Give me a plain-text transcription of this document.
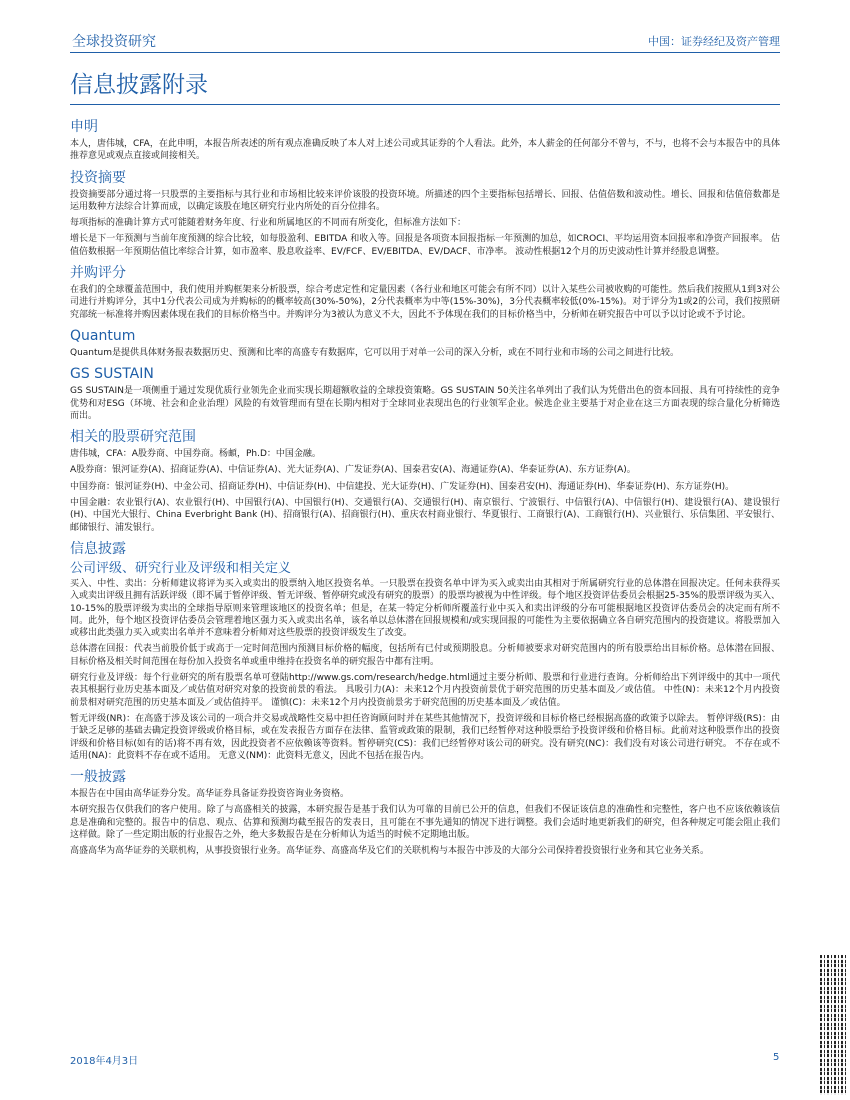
全球投资研究	中国：证券经纪及资产管理
信息披露附录
申明

本人，唐伟城，CFA，在此申明，本报告所表述的所有观点准确反映了本人对上述公司或其证券的个人看法。此外，本人薪金的任何部分不曾与，不与，也将不会与本报告中的具体推荐意见或观点直接或间接相关。

投资摘要

投资摘要部分通过将一只股票的主要指标与其行业和市场相比较来评价该股的投资环境。所描述的四个主要指标包括增长、回报、估值倍数和波动性。增长、回报和估值倍数都是运用数种方法综合计算而成，以确定该股在地区研究行业内所处的百分位排名。

每项指标的准确计算方式可能随着财务年度、行业和所属地区的不同而有所变化，但标准方法如下：

增长是下一年预测与当前年度预测的综合比较，如每股盈利、EBITDA 和收入等。回报是各项资本回报指标一年预测的加总，如CROCI、平均运用资本回报率和净资产回报率。 估值倍数根据一年预期估值比率综合计算，如市盈率、股息收益率、EV/FCF、EV/EBITDA、EV/DACF、市净率。 波动性根据12个月的历史波动性计算并经股息调整。

并购评分

在我们的全球覆盖范围中，我们使用并购框架来分析股票，综合考虑定性和定量因素（各行业和地区可能会有所不同）以计入某些公司被收购的可能性。然后我们按照从1到3对公司进行并购评分，其中1分代表公司成为并购标的的概率较高(30%-50%)，2分代表概率为中等(15%-30%)，3分代表概率较低(0%-15%)。对于评分为1或2的公司，我们按照研究部统一标准将并购因素体现在我们的目标价格当中。并购评分为3被认为意义不大，因此不予体现在我们的目标价格当中，分析师在研究报告中可以予以讨论或不予讨论。

Quantum

Quantum是提供具体财务报表数据历史、预测和比率的高盛专有数据库，它可以用于对单一公司的深入分析，或在不同行业和市场的公司之间进行比较。

GS SUSTAIN

GS SUSTAIN是一项侧重于通过发现优质行业领先企业而实现长期超额收益的全球投资策略。GS SUSTAIN 50关注名单列出了我们认为凭借出色的资本回报、具有可持续性的竞争优势和对ESG（环境、社会和企业治理）风险的有效管理而有望在长期内相对于全球同业表现出色的行业领军企业。候选企业主要基于对企业在这三方面表现的综合量化分析筛选而出。

相关的股票研究范围

唐伟城，CFA：A股券商、中国券商。杨頔，Ph.D：中国金融。

A股券商：银河证券(A)、招商证券(A)、中信证券(A)、光大证券(A)、广发证券(A)、国泰君安(A)、海通证券(A)、华泰证券(A)、东方证券(A)。

中国券商：银河证券(H)、中金公司、招商证券(H)、中信证券(H)、中信建投、光大证券(H)、广发证券(H)、国泰君安(H)、海通证券(H)、华泰证券(H)、东方证券(H)。

中国金融：农业银行(A)、农业银行(H)、中国银行(A)、中国银行(H)、交通银行(A)、交通银行(H)、南京银行、宁波银行、中信银行(A)、中信银行(H)、建设银行(A)、建设银行(H)、中国光大银行、China Everbright Bank (H)、招商银行(A)、招商银行(H)、重庆农村商业银行、华夏银行、工商银行(A)、工商银行(H)、兴业银行、乐信集团、平安银行、邮储银行、浦发银行。

信息披露
公司评级、研究行业及评级和相关定义

买入、中性、卖出：分析师建议将评为买入或卖出的股票纳入地区投资名单。一只股票在投资名单中评为买入或卖出由其相对于所属研究行业的总体潜在回报决定。任何未获得买入或卖出评级且拥有活跃评级（即不属于暂停评级、暂无评级、暂停研究或没有研究的股票）的股票均被视为中性评级。每个地区投资评估委员会根据25-35%的股票评级为买入、10-15%的股票评级为卖出的全球指导原则来管理该地区的投资名单；但是，在某一特定分析师所覆盖行业中买入和卖出评级的分布可能根据地区投资评估委员会的决定而有所不同。此外，每个地区投资评估委员会管理着地区强力买入或卖出名单，该名单以总体潜在回报规模和/或实现回报的可能性为主要依据确立各自研究范围内的投资建议。将股票加入或移出此类强力买入或卖出名单并不意味着分析师对这些股票的投资评级发生了改变。

总体潜在回报：代表当前股价低于或高于一定时间范围内预测目标价格的幅度，包括所有已付或预期股息。分析师被要求对研究范围内的所有股票给出目标价格。总体潜在回报、目标价格及相关时间范围在每份加入投资名单或重申维持在投资名单的研究报告中都有注明。

研究行业及评级：每个行业研究的所有股票名单可登陆http://www.gs.com/research/hedge.html通过主要分析师、股票和行业进行查询。分析师给出下列评级中的其中一项代表其根据行业历史基本面及／或估值对研究对象的投资前景的看法。 具吸引力(A)：未来12个月内投资前景优于研究范围的历史基本面及／或估值。 中性(N)：未来12个月内投资前景相对研究范围的历史基本面及／或估值持平。 谨慎(C)：未来12个月内投资前景劣于研究范围的历史基本面及／或估值。

暂无评级(NR)：在高盛于涉及该公司的一项合并交易或战略性交易中担任咨询顾问时并在某些其他情况下，投资评级和目标价格已经根据高盛的政策予以除去。 暂停评级(RS)：由于缺乏足够的基础去确定投资评级或价格目标，或在发表报告方面存在法律、监管或政策的限制，我们已经暂停对这种股票给予投资评级和价格目标。此前对这种股票作出的投资评级和价格目标(如有的话)将不再有效，因此投资者不应依赖该等资料。暂停研究(CS)：我们已经暂停对该公司的研究。没有研究(NC)：我们没有对该公司进行研究。 不存在或不适用(NA)：此资料不存在或不适用。 无意义(NM)：此资料无意义，因此不包括在报告内。

一般披露

本报告在中国由高华证券分发。高华证券具备证券投资咨询业务资格。

本研究报告仅供我们的客户使用。除了与高盛相关的披露，本研究报告是基于我们认为可靠的目前已公开的信息，但我们不保证该信息的准确性和完整性，客户也不应该依赖该信息是准确和完整的。报告中的信息、观点、估算和预测均截至报告的发表日，且可能在不事先通知的情况下进行调整。我们会适时地更新我们的研究，但各种规定可能会阻止我们这样做。除了一些定期出版的行业报告之外，绝大多数报告是在分析师认为适当的时候不定期地出版。

高盛高华为高华证券的关联机构，从事投资银行业务。高华证券、高盛高华及它们的关联机构与本报告中涉及的大部分公司保持着投资银行业务和其它业务关系。

2018年4月3日	5
